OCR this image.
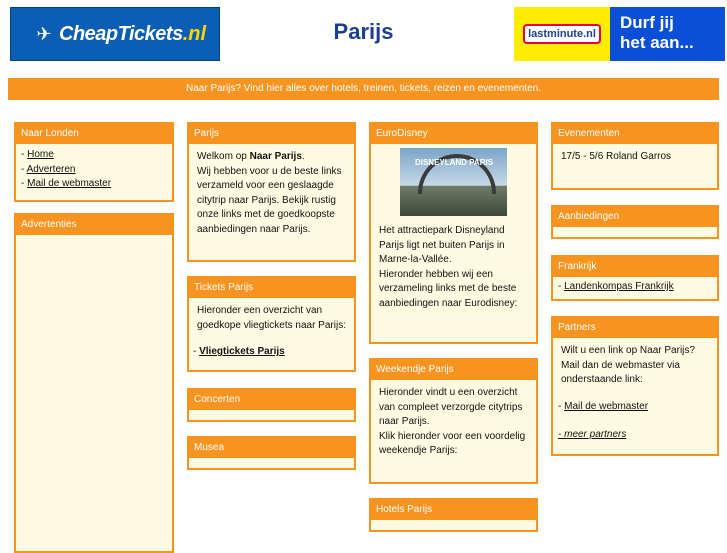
✈ CheapTickets .nl	Parijs	lastminute.nl
Durf jij
het aan...
Naar Parijs? Vind hier alles over hotels, treinen, tickets, reizen en evenementen.
Naar Londen
- Home
- Adverteren
- Mail de webmaster
Advertenties
Parijs
Welkom op Naar Parijs.
Wij hebben voor u de beste links verzameld voor een geslaagde citytrip naar Parijs. Bekijk rustig onze links met de goedkoopste aanbiedingen naar Parijs.
Tickets Parijs
Hieronder een overzicht van goedkope vliegtickets naar Parijs:
- Vliegtickets Parijs
Concerten
Musea
EuroDisney
DISNEYLAND PARIS
Het attractiepark Disneyland Parijs ligt net buiten Parijs in Marne-la-Vallée.
Hieronder hebben wij een verzameling links met de beste aanbiedingen naar Eurodisney:
Weekendje Parijs
Hieronder vindt u een overzicht van compleet verzorgde citytrips naar Parijs.
Klik hieronder voor een voordelig weekendje Parijs:
Hotels Parijs
Evenementen
17/5 - 5/6 Roland Garros
Aanbiedingen
Frankrijk
- Landenkompas Frankrijk
Partners
Wilt u een link op Naar Parijs? Mail dan de webmaster via onderstaande link:
- Mail de webmaster
- meer partners
